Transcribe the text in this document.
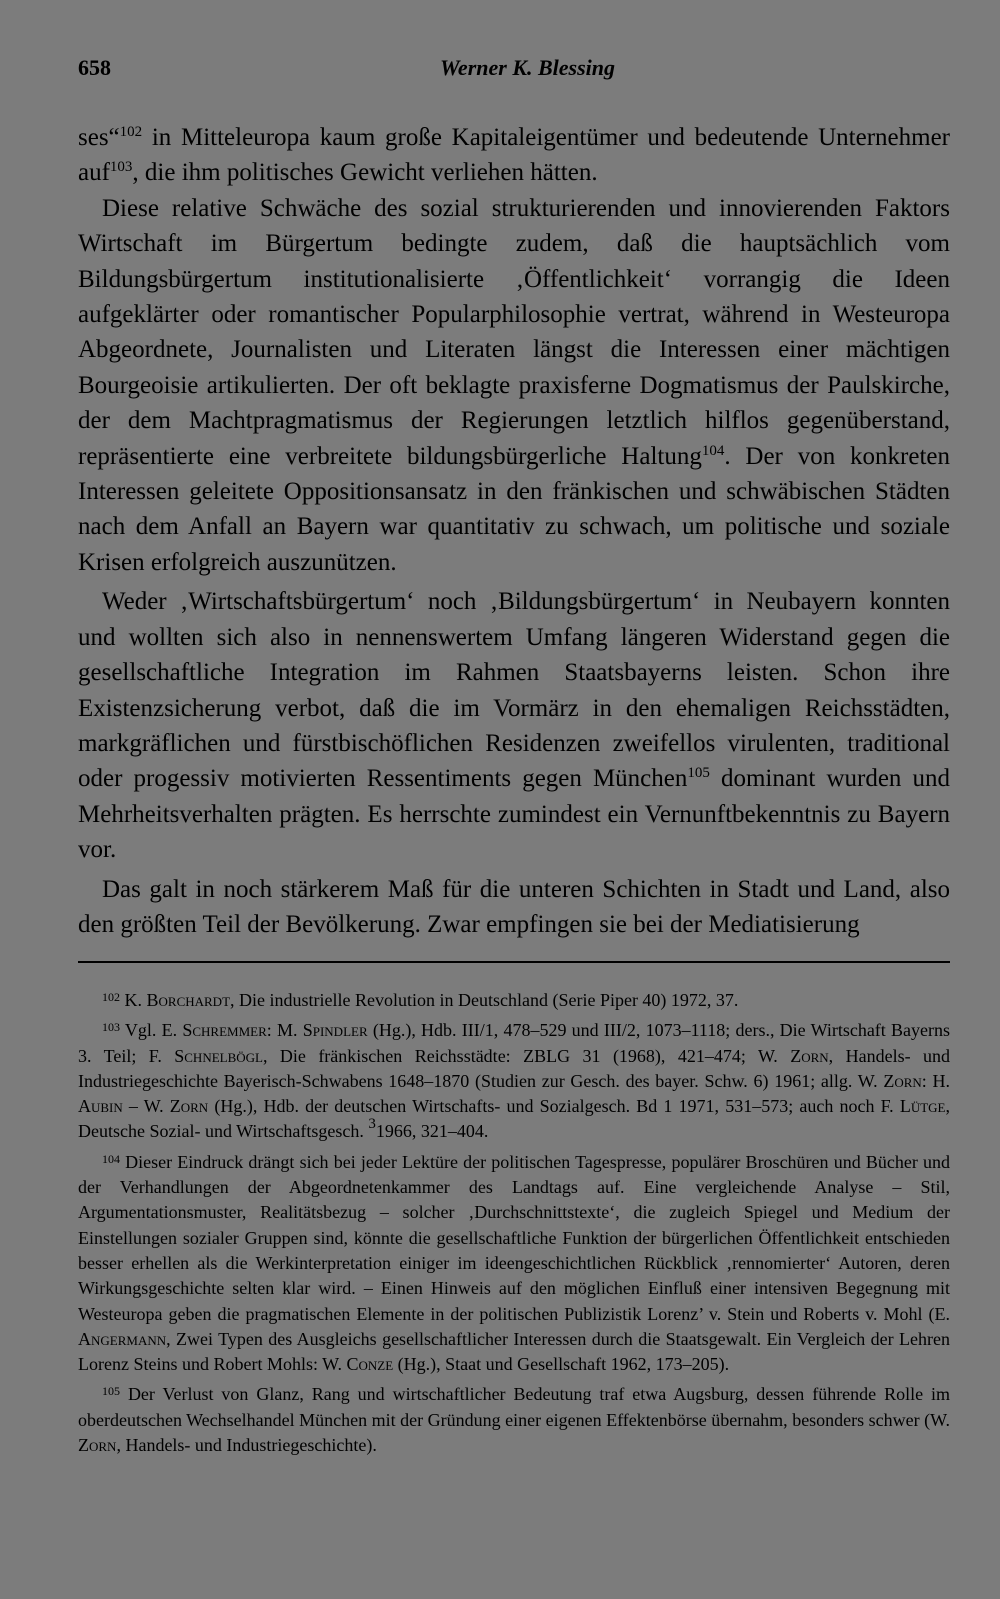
658	Werner K. Blessing

ses“$^{102}$ in Mitteleuropa kaum große Kapitaleigentümer und bedeutende Unternehmer auf$^{103}$, die ihm politisches Gewicht verliehen hätten.

Diese relative Schwäche des sozial strukturierenden und innovierenden Faktors Wirtschaft im Bürgertum bedingte zudem, daß die hauptsächlich vom Bildungsbürgertum institutionalisierte ‚Öffentlichkeit‘ vorrangig die Ideen aufgeklärter oder romantischer Popularphilosophie vertrat, während in Westeuropa Abgeordnete, Journalisten und Literaten längst die Interessen einer mächtigen Bourgeoisie artikulierten. Der oft beklagte praxisferne Dogmatismus der Paulskirche, der dem Machtpragmatismus der Regierungen letztlich hilflos gegenüberstand, repräsentierte eine verbreitete bildungsbürgerliche Haltung$^{104}$. Der von konkreten Interessen geleitete Oppositionsansatz in den fränkischen und schwäbischen Städten nach dem Anfall an Bayern war quantitativ zu schwach, um politische und soziale Krisen erfolgreich auszunützen.

Weder ‚Wirtschaftsbürgertum‘ noch ‚Bildungsbürgertum‘ in Neubayern konnten und wollten sich also in nennenswertem Umfang längeren Widerstand gegen die gesellschaftliche Integration im Rahmen Staatsbayerns leisten. Schon ihre Existenzsicherung verbot, daß die im Vormärz in den ehemaligen Reichsstädten, markgräflichen und fürstbischöflichen Residenzen zweifellos virulenten, traditional oder progessiv motivierten Ressentiments gegen München$^{105}$ dominant wurden und Mehrheitsverhalten prägten. Es herrschte zumindest ein Vernunftbekenntnis zu Bayern vor.

Das galt in noch stärkerem Maß für die unteren Schichten in Stadt und Land, also den größten Teil der Bevölkerung. Zwar empfingen sie bei der Mediatisierung

$^{102}$ K. Borchardt, Die industrielle Revolution in Deutschland (Serie Piper 40) 1972, 37.

$^{103}$ Vgl. E. Schremmer: M. Spindler (Hg.), Hdb. III/1, 478–529 und III/2, 1073–1118; ders., Die Wirtschaft Bayerns 3. Teil; F. Schnelbögl, Die fränkischen Reichsstädte: ZBLG 31 (1968), 421–474; W. Zorn, Handels- und Industriegeschichte Bayerisch-Schwabens 1648–1870 (Studien zur Gesch. des bayer. Schw. 6) 1961; allg. W. Zorn: H. Aubin – W. Zorn (Hg.), Hdb. der deutschen Wirtschafts- und Sozialgesch. Bd 1 1971, 531–573; auch noch F. Lütge, Deutsche Sozial- und Wirtschaftsgesch. $^3$1966, 321–404.

$^{104}$ Dieser Eindruck drängt sich bei jeder Lektüre der politischen Tagespresse, populärer Broschüren und Bücher und der Verhandlungen der Abgeordnetenkammer des Landtags auf. Eine vergleichende Analyse – Stil, Argumentationsmuster, Realitätsbezug – solcher ‚Durchschnittstexte‘, die zugleich Spiegel und Medium der Einstellungen sozialer Gruppen sind, könnte die gesellschaftliche Funktion der bürgerlichen Öffentlichkeit entschieden besser erhellen als die Werkinterpretation einiger im ideengeschichtlichen Rückblick ‚rennomierter‘ Autoren, deren Wirkungsgeschichte selten klar wird. – Einen Hinweis auf den möglichen Einfluß einer intensiven Begegnung mit Westeuropa geben die pragmatischen Elemente in der politischen Publizistik Lorenz’ v. Stein und Roberts v. Mohl (E. Angermann, Zwei Typen des Ausgleichs gesellschaftlicher Interessen durch die Staatsgewalt. Ein Vergleich der Lehren Lorenz Steins und Robert Mohls: W. Conze (Hg.), Staat und Gesellschaft 1962, 173–205).

$^{105}$ Der Verlust von Glanz, Rang und wirtschaftlicher Bedeutung traf etwa Augsburg, dessen führende Rolle im oberdeutschen Wechselhandel München mit der Gründung einer eigenen Effektenbörse übernahm, besonders schwer (W. Zorn, Handels- und Industriegeschichte).
